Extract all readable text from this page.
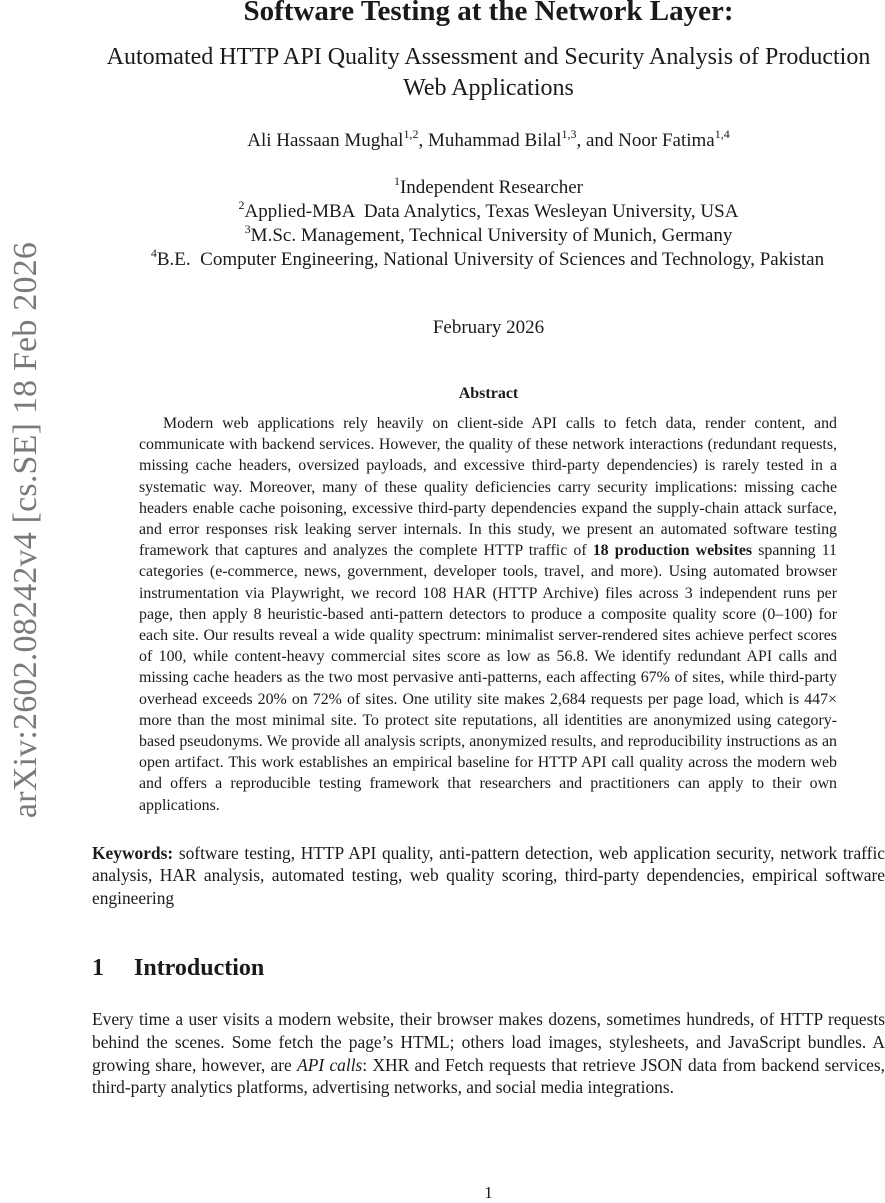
arXiv:2602.08242v4 [cs.SE] 18 Feb 2026
Software Testing at the Network Layer:
Automated HTTP API Quality Assessment and Security Analysis of Production Web Applications
Ali Hassaan Mughal$^{1,2}$, Muhammad Bilal$^{1,3}$, and Noor Fatima$^{1,4}$
$^1$Independent Researcher
$^2$Applied-MBA  Data Analytics, Texas Wesleyan University, USA
$^3$M.Sc. Management, Technical University of Munich, Germany
$^4$B.E.  Computer Engineering, National University of Sciences and Technology, Pakistan
February 2026
Abstract
Modern web applications rely heavily on client-side API calls to fetch data, render content, and communicate with backend services. However, the quality of these network interactions (redundant requests, missing cache headers, oversized payloads, and excessive third-party dependencies) is rarely tested in a systematic way. Moreover, many of these quality deficiencies carry security implications: missing cache headers enable cache poisoning, excessive third-party dependencies expand the supply-chain attack surface, and error responses risk leaking server internals. In this study, we present an automated software testing framework that captures and analyzes the complete HTTP traffic of 18 production websites spanning 11 categories (e-commerce, news, government, developer tools, travel, and more). Using automated browser instrumentation via Playwright, we record 108 HAR (HTTP Archive) files across 3 independent runs per page, then apply 8 heuristic-based anti-pattern detectors to produce a composite quality score (0–100) for each site. Our results reveal a wide quality spectrum: minimalist server-rendered sites achieve perfect scores of 100, while content-heavy commercial sites score as low as 56.8. We identify redundant API calls and missing cache headers as the two most pervasive anti-patterns, each affecting 67% of sites, while third-party overhead exceeds 20% on 72% of sites. One utility site makes 2,684 requests per page load, which is 447× more than the most minimal site. To protect site reputations, all identities are anonymized using category-based pseudonyms. We provide all analysis scripts, anonymized results, and reproducibility instructions as an open artifact. This work establishes an empirical baseline for HTTP API call quality across the modern web and offers a reproducible testing framework that researchers and practitioners can apply to their own applications.
Keywords: software testing, HTTP API quality, anti-pattern detection, web application security, network traffic analysis, HAR analysis, automated testing, web quality scoring, third-party dependencies, empirical software engineering
1 Introduction
Every time a user visits a modern website, their browser makes dozens, sometimes hundreds, of HTTP requests behind the scenes. Some fetch the page’s HTML; others load images, stylesheets, and JavaScript bundles. A growing share, however, are API calls: XHR and Fetch requests that retrieve JSON data from backend services, third-party analytics platforms, advertising networks, and social media integrations.
1
